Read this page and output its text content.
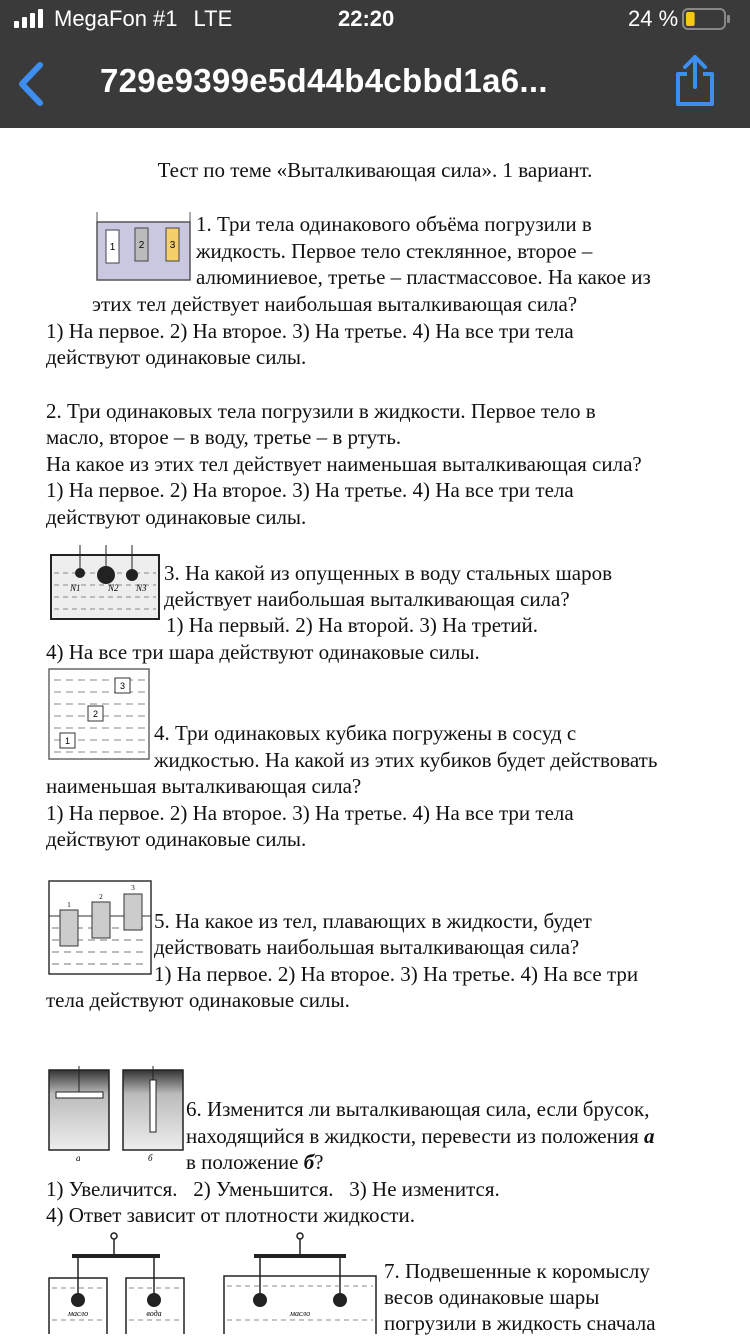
MegaFon #1 LTE	22:20	24 %
729e9399e5d44b4cbbd1a6...
Тест по теме «Выталкивающая сила». 1 вариант.
1 2	3
1. Три тела одинакового объёма погрузили в
жидкость. Первое тело стеклянное, второе –
алюминиевое, третье – пластмассовое. На какое из
этих тел действует наибольшая выталкивающая сила?
1) На первое. 2) На второе. 3) На третье. 4) На все три тела
действуют одинаковые силы.
2. Три одинаковых тела погрузили в жидкости. Первое тело в
масло, второе – в воду, третье – в ртуть.
На какое из этих тел действует наименьшая выталкивающая сила?
1) На первое. 2) На второе. 3) На третье. 4) На все три тела
действуют одинаковые силы.
N1	N2 N3
3. На какой из опущенных в воду стальных шаров
действует наибольшая выталкивающая сила?
1) На первый. 2) На второй. 3) На третий.
4) На все три шара действуют одинаковые силы.
1
2
3
4. Три одинаковых кубика погружены в сосуд с
жидкостью. На какой из этих кубиков будет действовать
наименьшая выталкивающая сила?
1) На первое. 2) На второе. 3) На третье. 4) На все три тела
действуют одинаковые силы.
1
2
3
5. На какое из тел, плавающих в жидкости, будет
действовать наибольшая выталкивающая сила?
1) На первое. 2) На второе. 3) На третье. 4) На все три
тела действуют одинаковые силы.
а	б
6. Изменится ли выталкивающая сила, если брусок,
находящийся в жидкости, перевести из положения а
в положение б?
1) Увеличится.   2) Уменьшится.   3) Не изменится.
4) Ответ зависит от плотности жидкости.
масло	вода	масло
7. Подвешенные к коромыслу
весов одинаковые шары
погрузили в жидкость сначала
